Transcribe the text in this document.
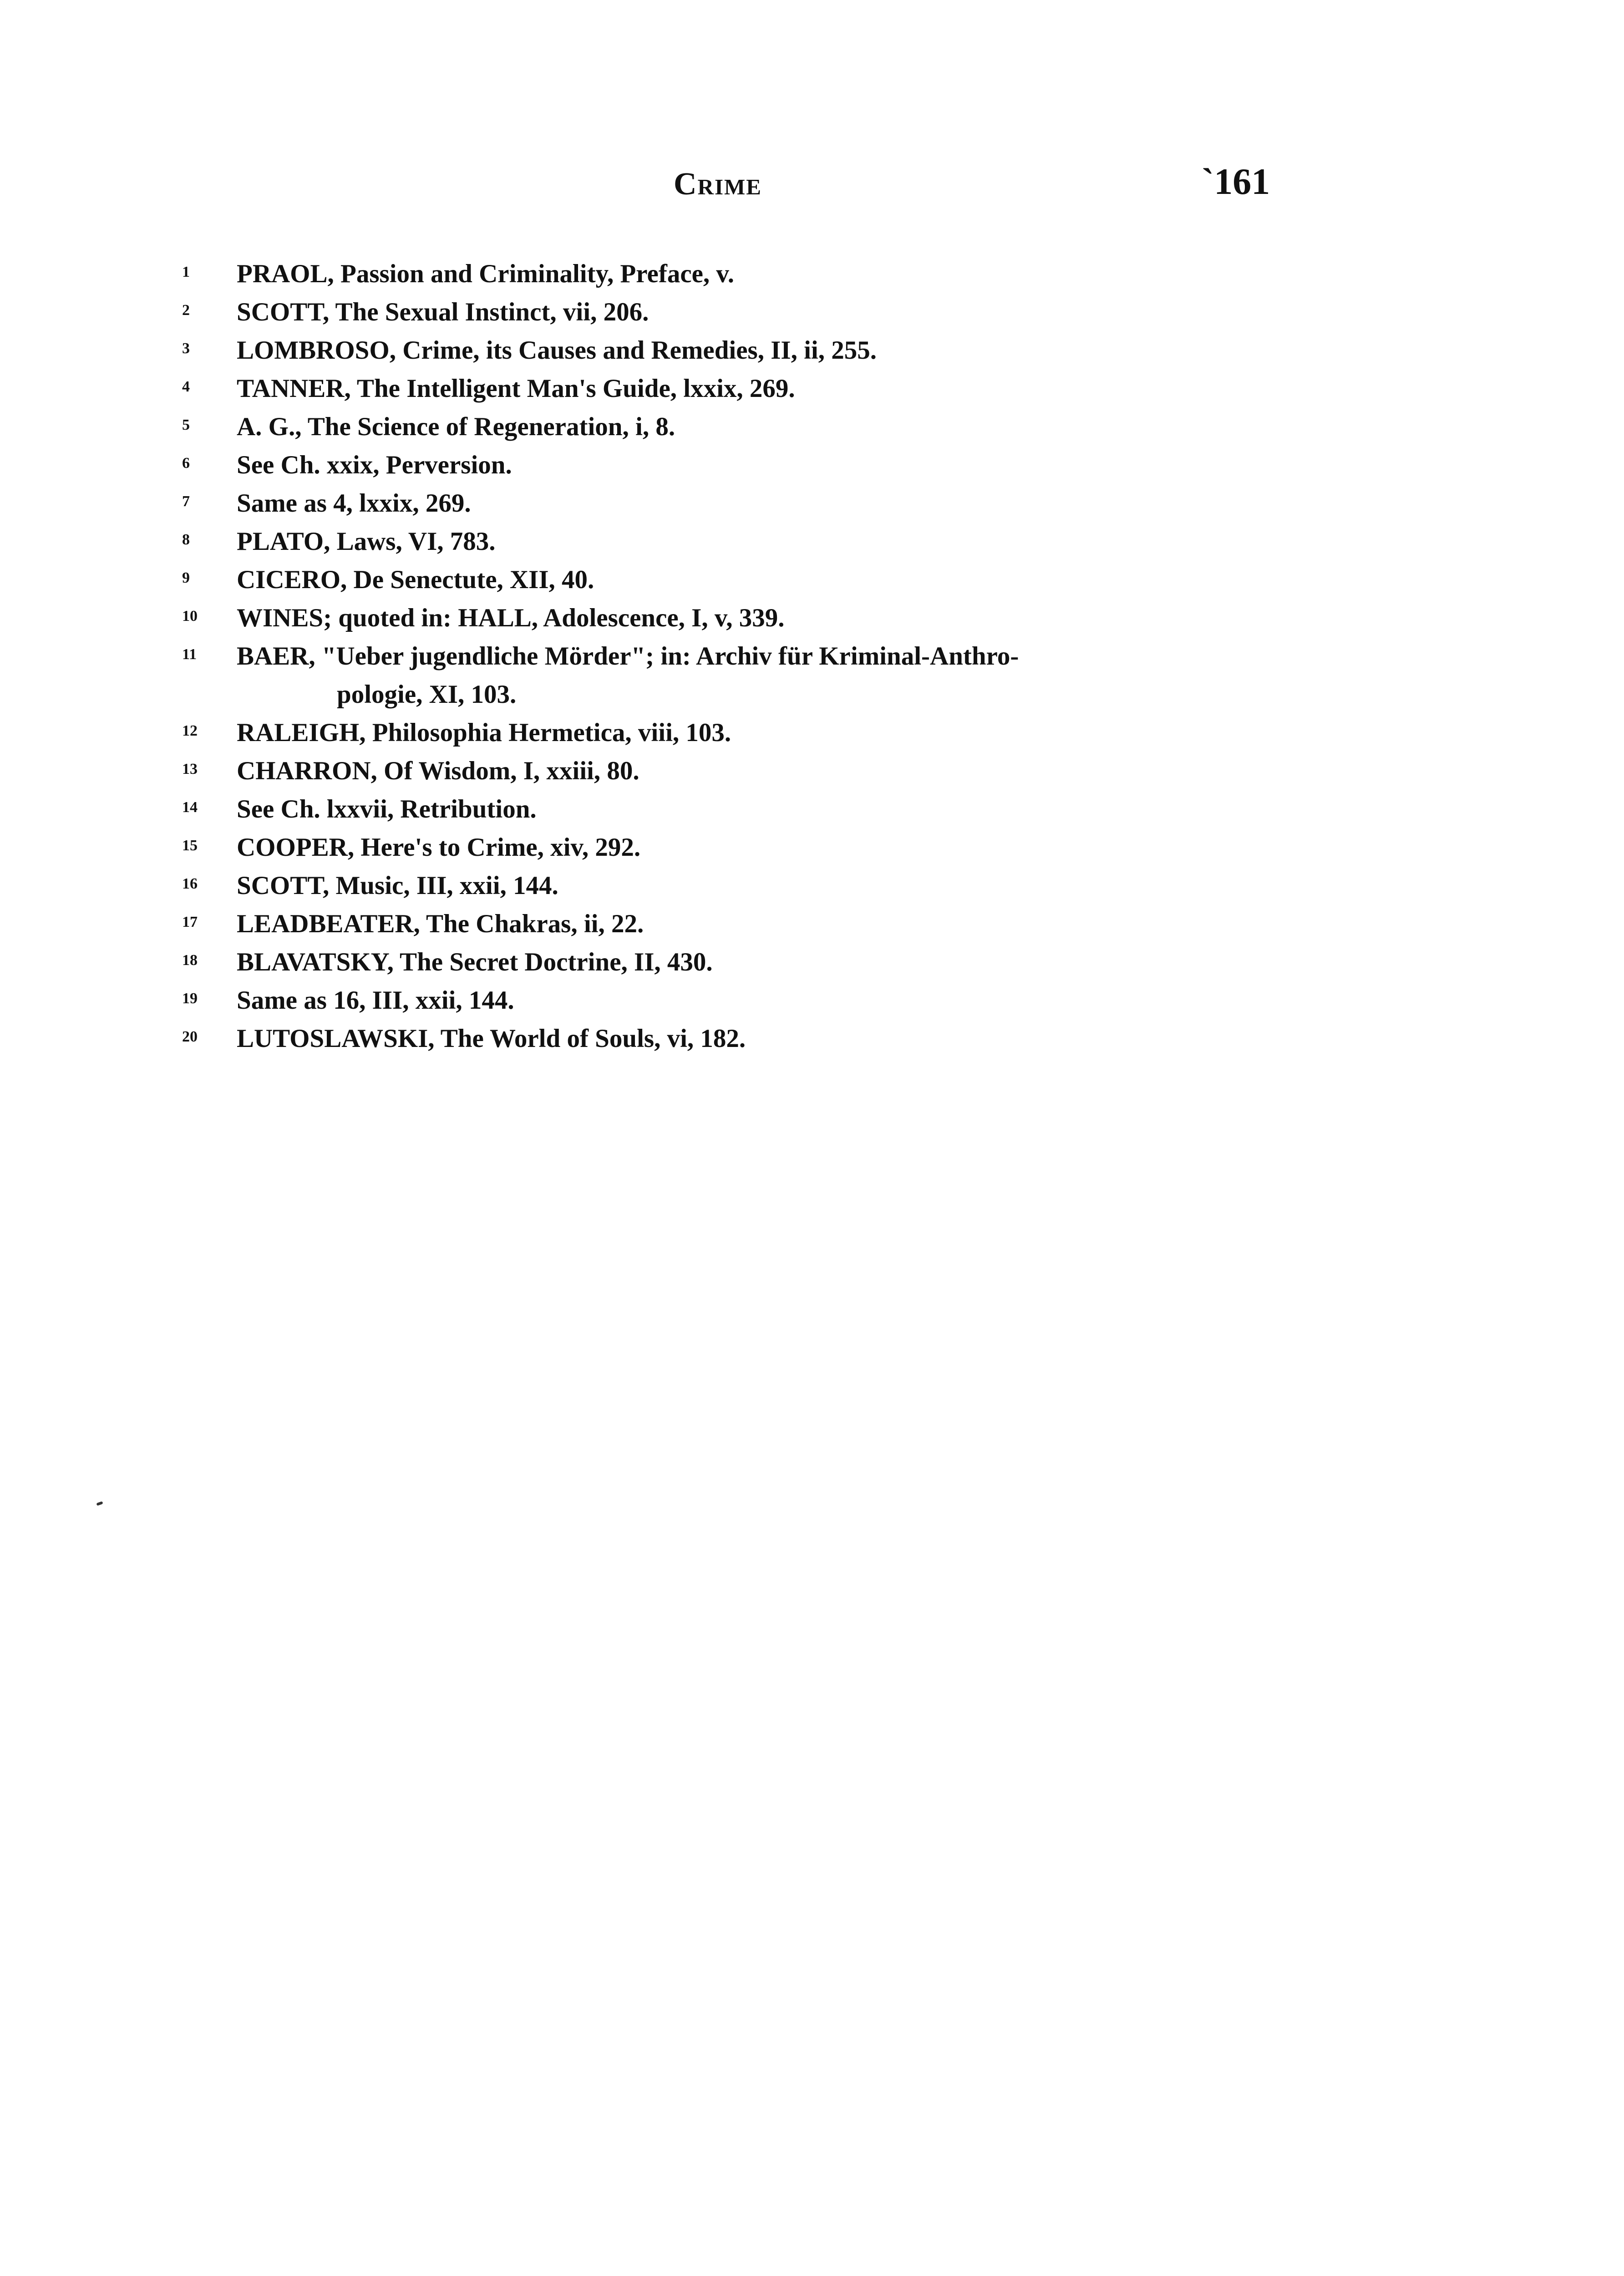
Crime	`161
1	PRAOL, Passion and Criminality, Preface, v.
2	SCOTT, The Sexual Instinct, vii, 206.
3	LOMBROSO, Crime, its Causes and Remedies, II, ii, 255.
4	TANNER, The Intelligent Man's Guide, lxxix, 269.
5	A. G., The Science of Regeneration, i, 8.
6	See Ch. xxix, Perversion.
7	Same as 4, lxxix, 269.
8	PLATO, Laws, VI, 783.
9	CICERO, De Senectute, XII, 40.
10	WINES; quoted in: HALL, Adolescence, I, v, 339.
11	BAER, "Ueber jugendliche Mörder"; in: Archiv für Kriminal-Anthro-
pologie, XI, 103.
12	RALEIGH, Philosophia Hermetica, viii, 103.
13	CHARRON, Of Wisdom, I, xxiii, 80.
14	See Ch. lxxvii, Retribution.
15	COOPER, Here's to Crime, xiv, 292.
16	SCOTT, Music, III, xxii, 144.
17	LEADBEATER, The Chakras, ii, 22.
18	BLAVATSKY, The Secret Doctrine, II, 430.
19	Same as 16, III, xxii, 144.
20	LUTOSLAWSKI, The World of Souls, vi, 182.
